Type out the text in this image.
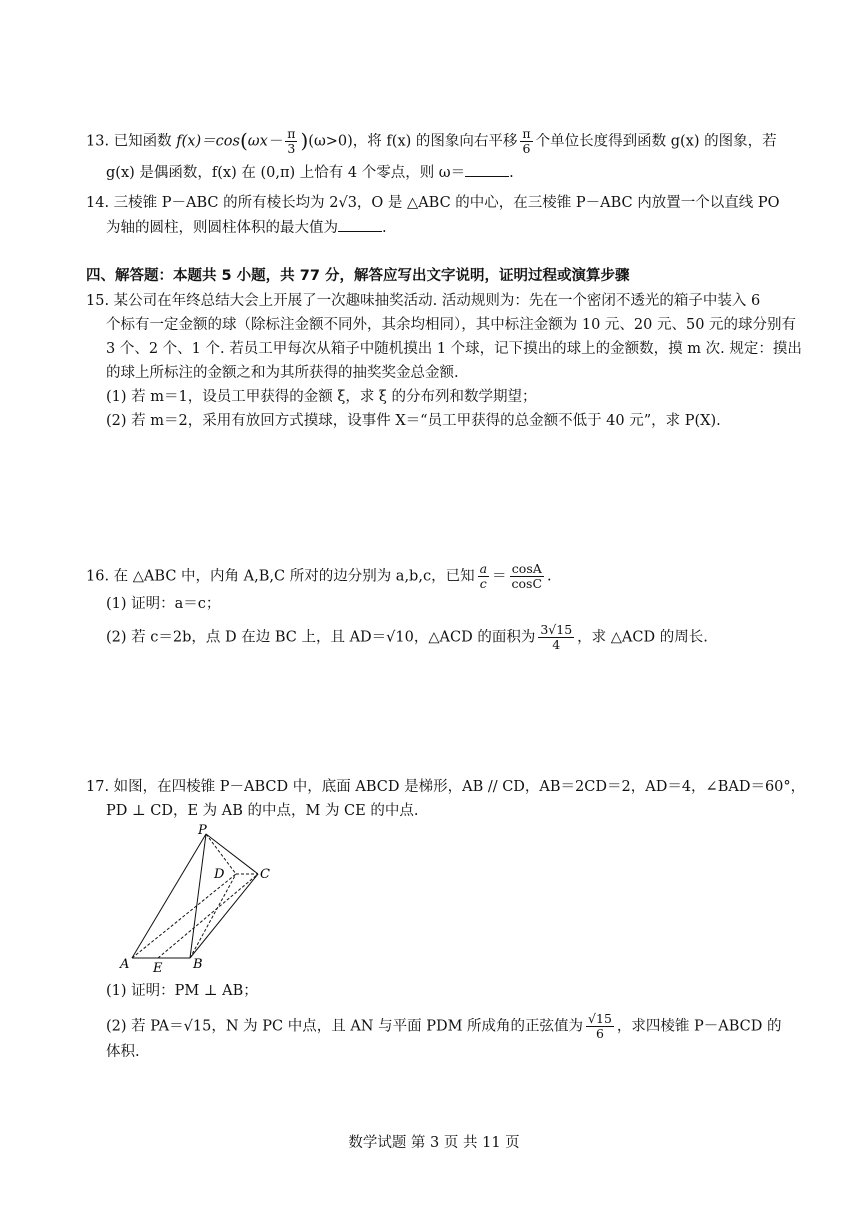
13. 已知函数 $f(x)=\cos(\omega x- \frac{\pi}{3} )(\omega>0)$，将 f(x) 的图象向右平移 $\frac{\pi}{6}$ 个单位长度得到函数 g(x) 的图象，若
g(x) 是偶函数，f(x) 在 (0,π) 上恰有 4 个零点，则 ω＝	.
14. 三棱锥 P－ABC 的所有棱长均为 2√3，O 是 △ABC 的中心，在三棱锥 P－ABC 内放置一个以直线 PO
为轴的圆柱，则圆柱体积的最大值为	.
四、解答题：本题共 5 小题，共 77 分，解答应写出文字说明，证明过程或演算步骤
15. 某公司在年终总结大会上开展了一次趣味抽奖活动. 活动规则为：先在一个密闭不透光的箱子中装入 6
个标有一定金额的球（除标注金额不同外，其余均相同），其中标注金额为 10 元、20 元、50 元的球分别有
3 个、2 个、1 个. 若员工甲每次从箱子中随机摸出 1 个球，记下摸出的球上的金额数，摸 m 次. 规定：摸出
的球上所标注的金额之和为其所获得的抽奖奖金总金额.
(1) 若 m＝1，设员工甲获得的金额 ξ，求 ξ 的分布列和数学期望；
(2) 若 m＝2，采用有放回方式摸球，设事件 X＝“员工甲获得的总金额不低于 40 元”，求 P(X).
16. 在 △ABC 中，内角 A,B,C 所对的边分别为 a,b,c，已知 $\frac{a}{c} = \frac{\cos A}{\cos C}$ .
(1) 证明：a＝c；
(2) 若 c＝2b，点 D 在边 BC 上，且 AD＝√10，△ACD 的面积为 $\frac{3√15}{4}$ ，求 △ACD 的周长.
17. 如图，在四棱锥 P－ABCD 中，底面 ABCD 是梯形，AB // CD，AB＝2CD＝2，AD＝4，∠BAD＝60°，
PD ⊥ CD，E 为 AB 的中点，M 为 CE 的中点.
P
D	C
A E B
(1) 证明：PM ⊥ AB；
(2) 若 PA＝√15，N 为 PC 中点，且 AN 与平面 PDM 所成角的正弦值为 $\frac{√15}{6}$ ，求四棱锥 P－ABCD 的
体积.
数学试题 第 3 页 共 11 页
